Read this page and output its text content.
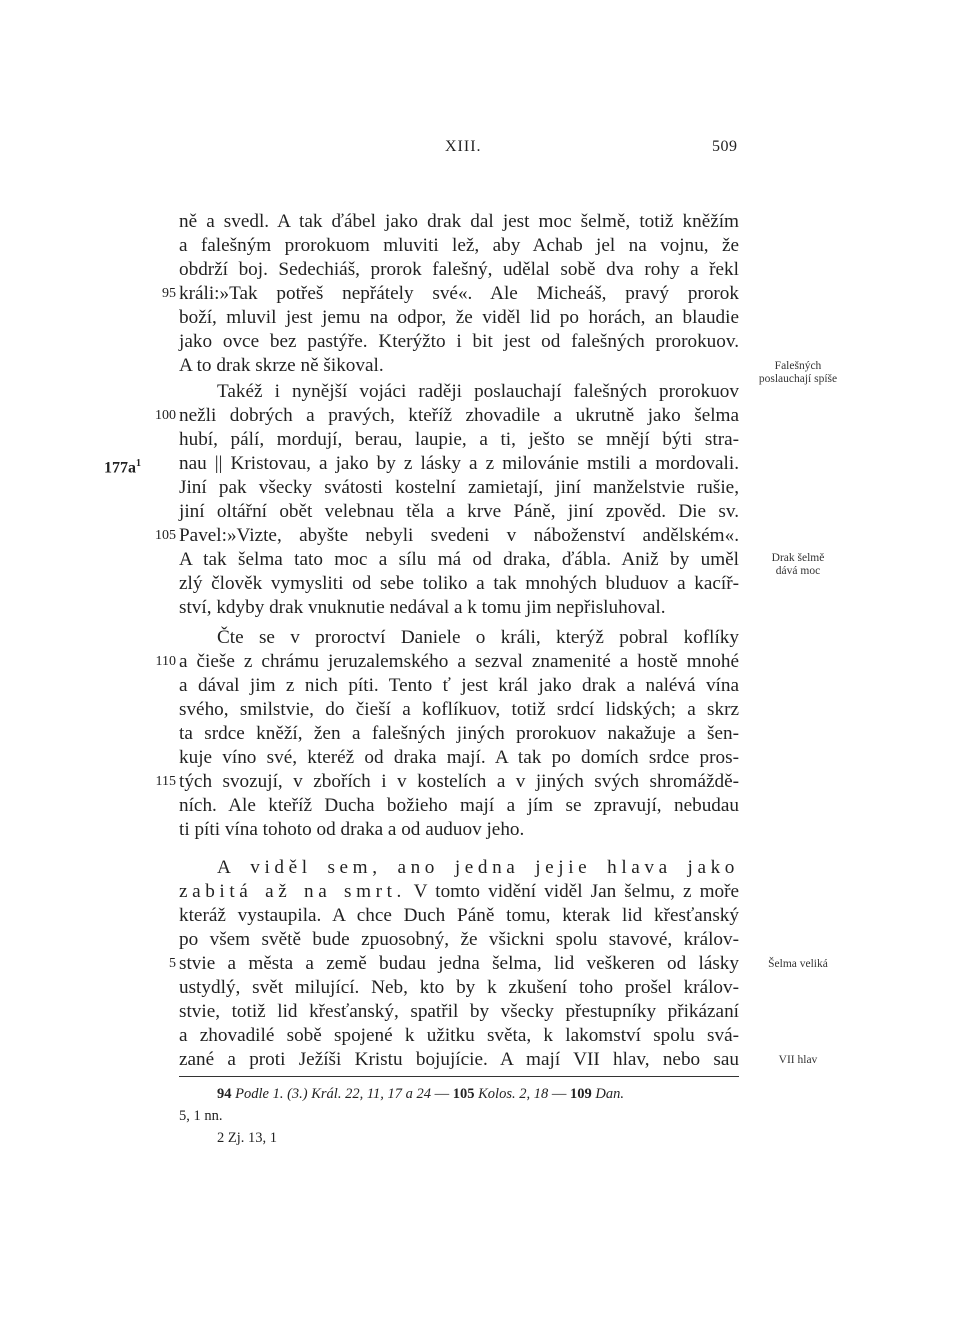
XIII.	509
ně a svedl. A tak ďábel jako drak dal jest moc šelmě, totiž kněžím
a falešným prorokuom mluviti lež, aby Achab jel na vojnu, že
obdrží boj. Sedechiáš, prorok falešný, udělal sobě dva rohy a řekl
králi:»Tak potřeš nepřátely své«. Ale Micheáš, pravý prorok
boží, mluvil jest jemu na odpor, že viděl lid po horách, an blaudie
jako ovce bez pastýře. Kterýžto i bit jest od falešných prorokuov.
A to drak skrze ně šikoval.
Takéž i nynější vojáci raději poslauchají falešných prorokuov
nežli dobrých a pravých, kteříž zhovadile a ukrutně jako šelma
hubí, pálí, mordují, berau, laupie, a ti, ješto se mnějí býti stra-
nau || Kristovau, a jako by z lásky a z milovánie mstili a mordovali.
Jiní pak všecky svátosti kostelní zamietají, jiní manželstvie rušie,
jiní oltářní obět velebnau těla a krve Páně, jiní zpověd. Die sv.
Pavel:»Vizte, abyšte nebyli svedeni v náboženství andělském«.
A tak šelma tato moc a sílu má od draka, ďábla. Aniž by uměl
zlý člověk vymysliti od sebe toliko a tak mnohých bluduov a kacíř-
ství, kdyby drak vnuknutie nedával a k tomu jim nepřisluhoval.
Čte se v proroctví Daniele o králi, kterýž pobral koflíky
a čieše z chrámu jeruzalemského a sezval znamenité a hostě mnohé
a dával jim z nich píti. Tento ť jest král jako drak a nalévá vína
svého, smilstvie, do čieší a koflíkuov, totiž srdcí lidských; a skrz
ta srdce kněží, žen a falešných jiných prorokuov nakažuje a šen-
kuje víno své, kteréž od draka mají. A tak po domích srdce pros-
tých svozují, v zbořích i v kostelích a v jiných svých shromáždě-
ních. Ale kteříž Ducha božieho mají a jím se zpravují, nebudau
ti píti vína tohoto od draka a od auduov jeho.
95
100
105
110
115
$177a^1$
A viděl sem, ano jedna jejie hlava jako
zabitá až na smrt. V tomto vidění viděl Jan šelmu, z moře
kteráž vystaupila. A chce Duch Páně tomu, kterak lid křesťanský
po všem světě bude zpuosobný, že všickni spolu stavové, králov-
stvie a města a země budau jedna šelma, lid veškeren od lásky
ustydlý, svět milující. Neb, kto by k zkušení toho prošel králov-
stvie, totiž lid křesťanský, spatřil by všecky přestupníky přikázaní
a zhovadilé sobě spojené k užitku světa, k lakomství spolu svá-
zané a proti Ježíši Kristu bojujície. A mají VII hlav, nebo sau
5
Falešných
poslauchají spíše
Drak šelmě
dává moc
Šelma veliká
VII hlav
94 Podle 1. (3.) Král. 22, 11, 17 a 24 — 105 Kolos. 2, 18 — 109 Dan.
5, 1 nn.
2 Zj. 13, 1
